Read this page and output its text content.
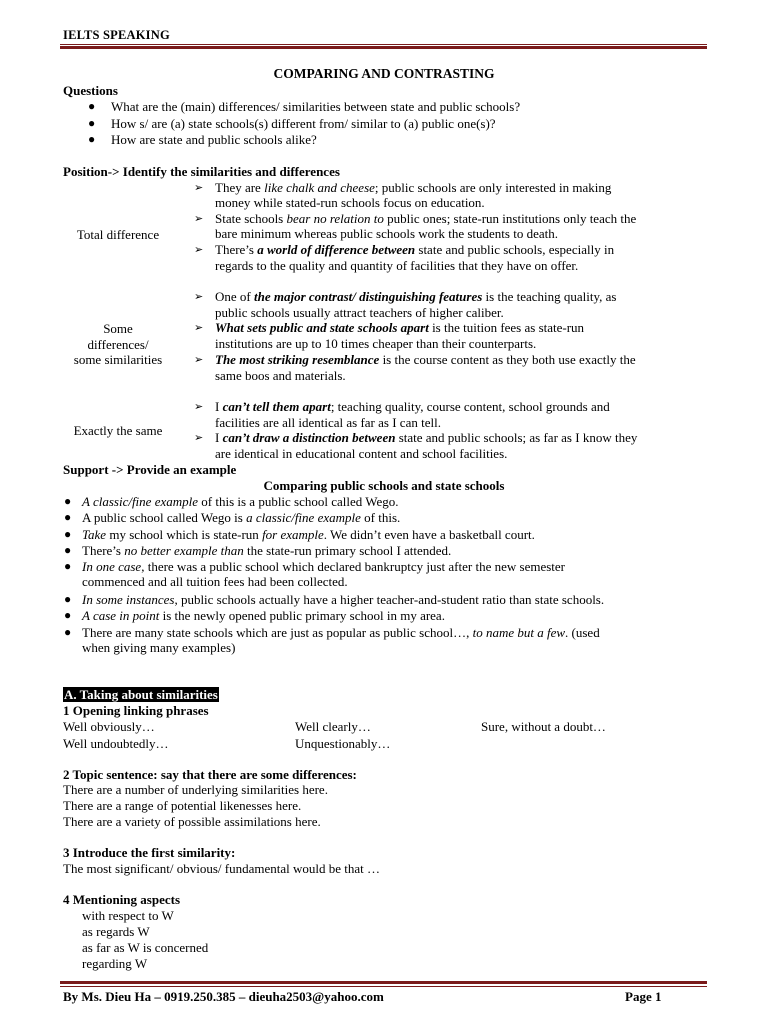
IELTS SPEAKING
COMPARING AND CONTRASTING
Questions
● What are the (main) differences/ similarities between state and public schools?
● How s/ are (a) state schools(s) different from/ similar to (a) public one(s)?
● How are state and public schools alike?
Position-> Identify the similarities and differences
Total difference
➢ They are like chalk and cheese; public schools are only interested in making
money while stated-run schools focus on education.
➢ State schools bear no relation to public ones; state-run institutions only teach the
bare minimum whereas public schools work the students to death.
➢ There’s a world of difference between state and public schools, especially in
regards to the quality and quantity of facilities that they have on offer.
Some
differences/
some similarities
➢ One of the major contrast/ distinguishing features is the teaching quality, as
public schools usually attract teachers of higher caliber.
➢ What sets public and state schools apart is the tuition fees as state-run
institutions are up to 10 times cheaper than their counterparts.
➢ The most striking resemblance is the course content as they both use exactly the
same boos and materials.
Exactly the same
➢ I can’t tell them apart; teaching quality, course content, school grounds and
facilities are all identical as far as I can tell.
➢ I can’t draw a distinction between state and public schools; as far as I know they
are identical in educational content and school facilities.
Support -> Provide an example
Comparing public schools and state schools
● A classic/fine example of this is a public school called Wego.
● A public school called Wego is a classic/fine example of this.
● Take my school which is state-run for example. We didn’t even have a basketball court.
● There’s no better example than the state-run primary school I attended.
● In one case, there was a public school which declared bankruptcy just after the new semester
commenced and all tuition fees had been collected.
● In some instances, public schools actually have a higher teacher-and-student ratio than state schools.
● A case in point is the newly opened public primary school in my area.
● There are many state schools which are just as popular as public school…, to name but a few. (used
when giving many examples)
A. Taking about similarities
1 Opening linking phrases
Well obviously…	Well clearly…	Sure, without a doubt…
Well undoubtedly…	Unquestionably…
2 Topic sentence: say that there are some differences:
There are a number of underlying similarities here.
There are a range of potential likenesses here.
There are a variety of possible assimilations here.
3 Introduce the first similarity:
The most significant/ obvious/ fundamental would be that …
4 Mentioning aspects
with respect to W
as regards W
as far as W is concerned
regarding W
By Ms. Dieu Ha – 0919.250.385 – dieuha2503@yahoo.com	Page 1
